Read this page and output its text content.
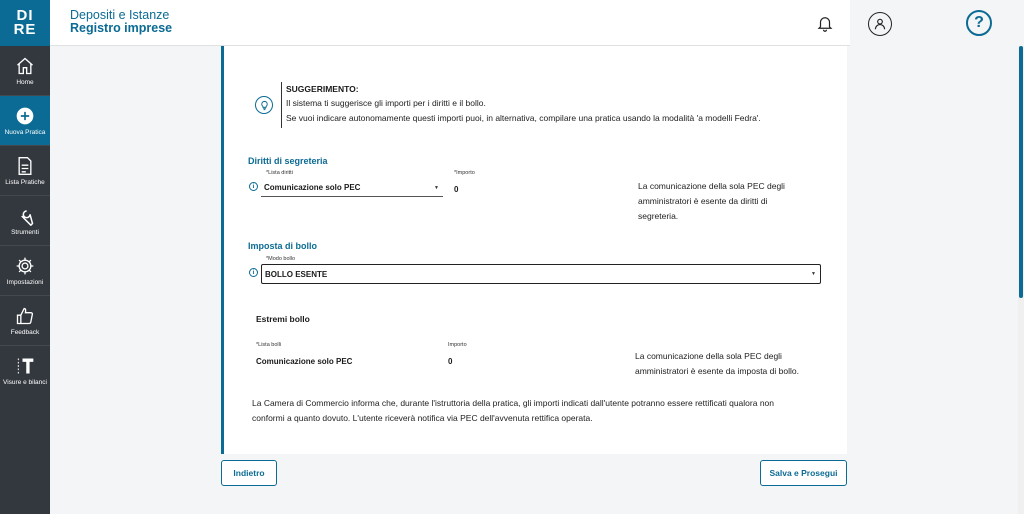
DI
RE
Home
Nuova Pratica
Lista Pratiche
Strumenti
Impostazioni
Feedback
Visure e bilanci
Depositi e Istanze
Registro imprese	?
SUGGERIMENTO:
Il sistema ti suggerisce gli importi per i diritti e il bollo.
Se vuoi indicare autonomamente questi importi puoi, in alternativa, compilare una pratica usando la modalità 'a modelli Fedra'.
Diritti di segreteria
*Lista diritti
i	Comunicazione solo PEC	▼
*Importo
0	La comunicazione della sola PEC degli
amministratori è esente da diritti di
segreteria.
Imposta di bollo
*Modo bollo
i	BOLLO ESENTE	▼
Estremi bollo
*Lista bolli
Comunicazione solo PEC
Importo
0
La comunicazione della sola PEC degli
amministratori è esente da imposta di bollo.
La Camera di Commercio informa che, durante l'istruttoria della pratica, gli importi indicati dall'utente potranno essere rettificati qualora non
conformi a quanto dovuto. L'utente riceverà notifica via PEC dell'avvenuta rettifica operata.
Indietro	Salva e Prosegui
